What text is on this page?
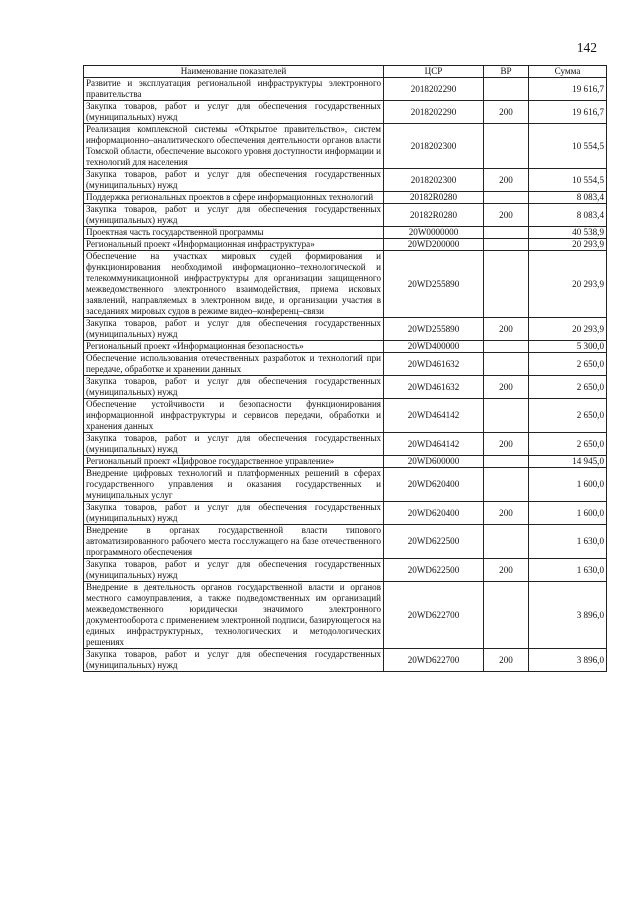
142
Наименование показателей	ЦСР	ВР	Сумма
Развитие и эксплуатация региональной инфраструктуры электронного правительства	2018202290		19 616,7
Закупка товаров, работ и услуг для обеспечения государственных (муниципальных) нужд	2018202290	200	19 616,7
Реализация комплексной системы «Открытое правительство», систем информационно–аналитического обеспечения деятельности органов власти Томской области, обеспечение высокого уровня доступности информации и технологий для населения	2018202300		10 554,5
Закупка товаров, работ и услуг для обеспечения государственных (муниципальных) нужд	2018202300	200	10 554,5
Поддержка региональных проектов в сфере информационных технологий	20182R0280		8 083,4
Закупка товаров, работ и услуг для обеспечения государственных (муниципальных) нужд	20182R0280	200	8 083,4
Проектная часть государственной программы	20W0000000		40 538,9
Региональный проект «Информационная инфраструктура»	20WD200000		20 293,9
Обеспечение на участках мировых судей формирования и функционирования необходимой информационно–технологической и телекоммуникационной инфраструктуры для организации защищенного межведомственного электронного взаимодействия, приема исковых заявлений, направляемых в электронном виде, и организации участия в заседаниях мировых судов в режиме видео–конференц–связи	20WD255890		20 293,9
Закупка товаров, работ и услуг для обеспечения государственных (муниципальных) нужд	20WD255890	200	20 293,9
Региональный проект «Информационная безопасность»	20WD400000		5 300,0
Обеспечение использования отечественных разработок и технологий при передаче, обработке и хранении данных	20WD461632		2 650,0
Закупка товаров, работ и услуг для обеспечения государственных (муниципальных) нужд	20WD461632	200	2 650,0
Обеспечение устойчивости и безопасности функционирования информационной инфраструктуры и сервисов передачи, обработки и хранения данных	20WD464142		2 650,0
Закупка товаров, работ и услуг для обеспечения государственных (муниципальных) нужд	20WD464142	200	2 650,0
Региональный проект «Цифровое государственное управление»	20WD600000		14 945,0
Внедрение цифровых технологий и платформенных решений в сферах государственного управления и оказания государственных и муниципальных услуг	20WD620400		1 600,0
Закупка товаров, работ и услуг для обеспечения государственных (муниципальных) нужд	20WD620400	200	1 600,0
Внедрение в органах государственной власти типового автоматизированного рабочего места госслужащего на базе отечественного программного обеспечения	20WD622500		1 630,0
Закупка товаров, работ и услуг для обеспечения государственных (муниципальных) нужд	20WD622500	200	1 630,0
Внедрение в деятельность органов государственной власти и органов местного самоуправления, а также подведомственных им организаций межведомственного юридически значимого электронного документооборота с применением электронной подписи, базирующегося на единых инфраструктурных, технологических и методологических решениях	20WD622700		3 896,0
Закупка товаров, работ и услуг для обеспечения государственных (муниципальных) нужд	20WD622700	200	3 896,0
